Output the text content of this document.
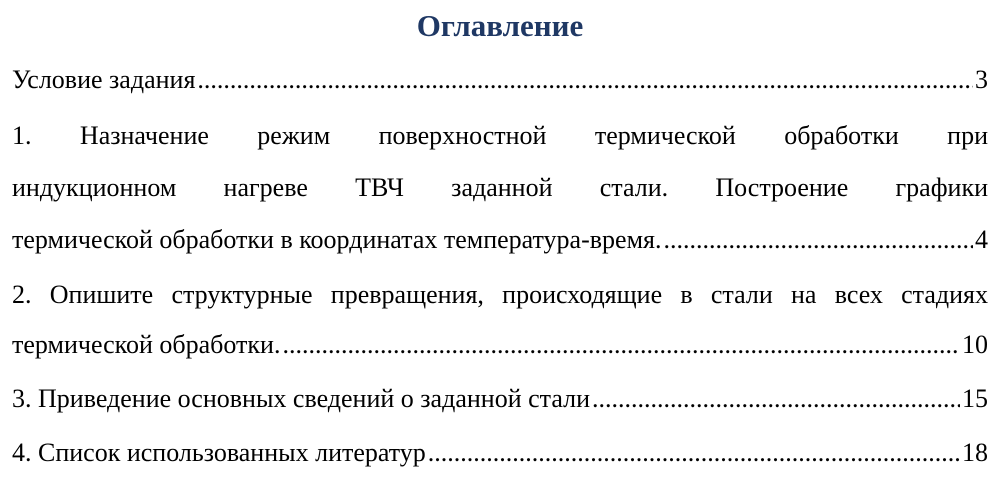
Оглавление
Условие задания .....	3
1. Назначение режим поверхностной термической обработки при
индукционном нагреве ТВЧ заданной стали. Построение графики
термической обработки в координатах температура-время. .....	4
2. Опишите структурные превращения, происходящие в стали на всех стадиях
термической обработки. .....	10
3. Приведение основных сведений о заданной стали .....	15
4. Список использованных литератур .....	18
